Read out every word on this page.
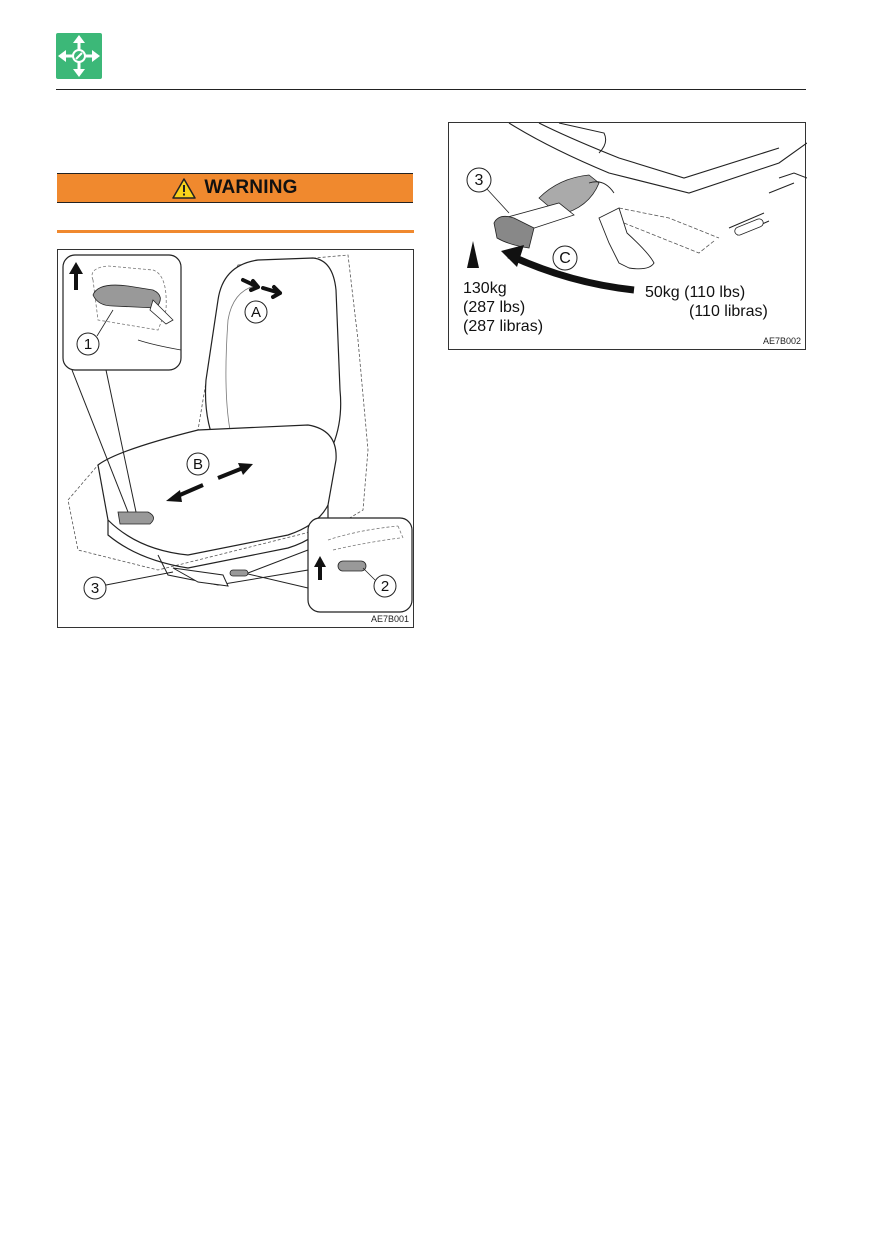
WARNING
A
B
1
2
3
AE7B001
3
C
130kg
(287 lbs)
(287 libras)
50kg (110 lbs)
(110 libras)
AE7B002
